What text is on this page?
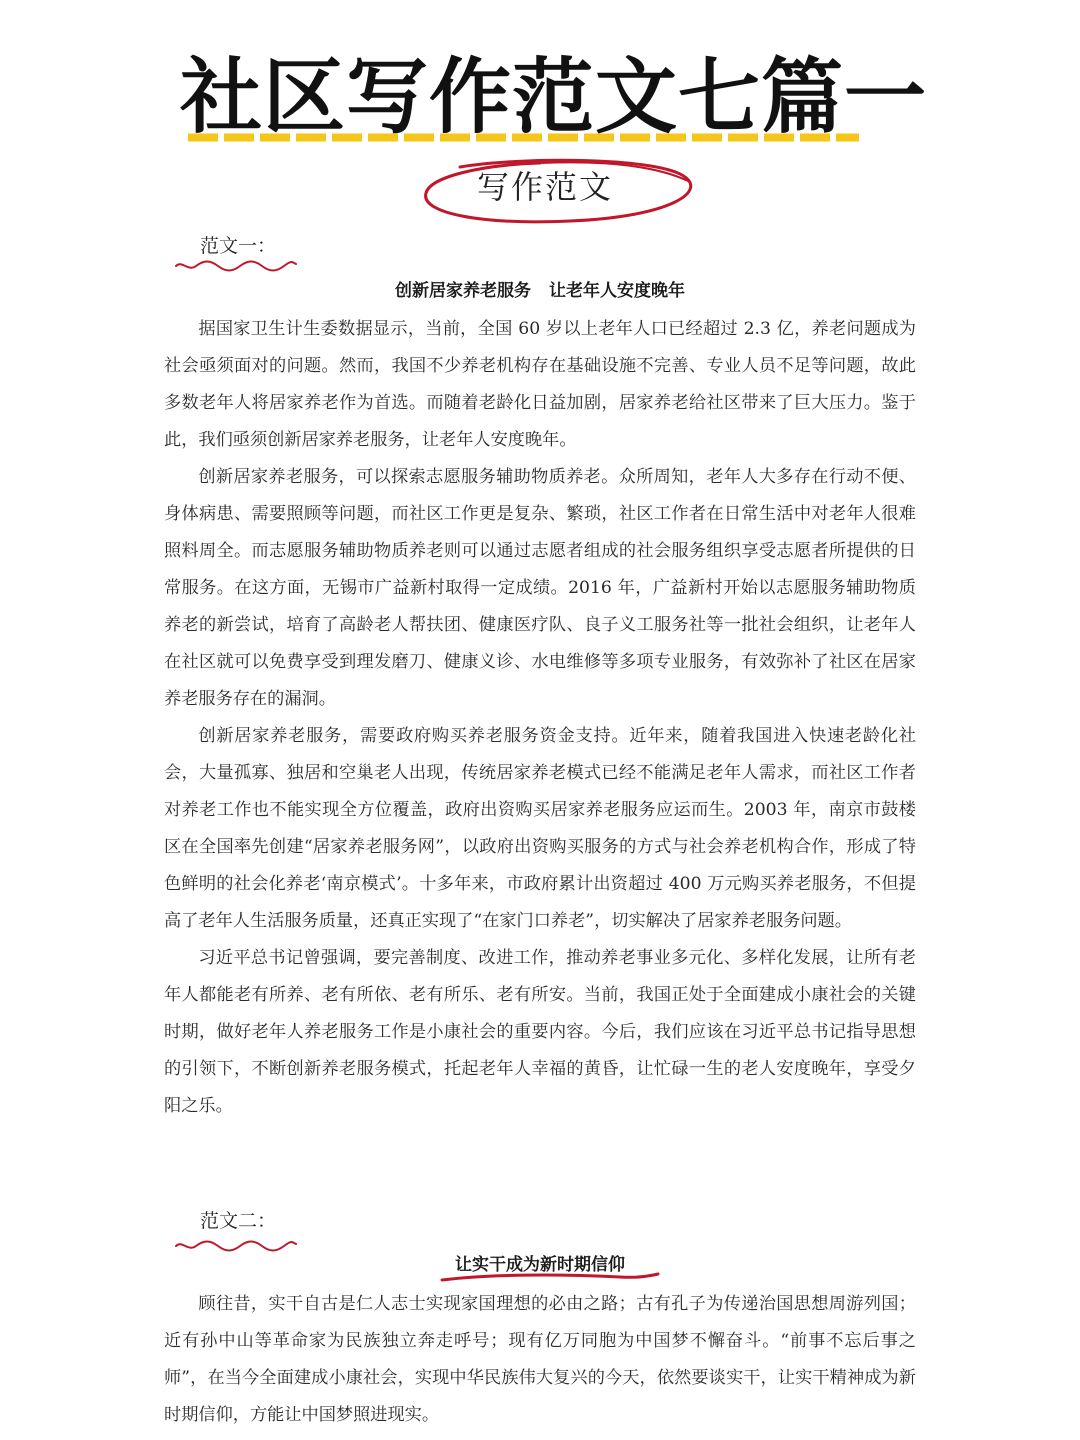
社区写作范文七篇一
写作范文
范文一：
创新居家养老服务 让老年人安度晚年

据国家卫生计生委数据显示，当前，全国 60 岁以上老年人口已经超过 2.3 亿，养老问题成为社会亟须面对的问题。然而，我国不少养老机构存在基础设施不完善、专业人员不足等问题，故此多数老年人将居家养老作为首选。而随着老龄化日益加剧，居家养老给社区带来了巨大压力。鉴于此，我们亟须创新居家养老服务，让老年人安度晚年。

创新居家养老服务，可以探索志愿服务辅助物质养老。众所周知，老年人大多存在行动不便、身体病患、需要照顾等问题，而社区工作更是复杂、繁琐，社区工作者在日常生活中对老年人很难照料周全。而志愿服务辅助物质养老则可以通过志愿者组成的社会服务组织享受志愿者所提供的日常服务。在这方面，无锡市广益新村取得一定成绩。2016 年，广益新村开始以志愿服务辅助物质养老的新尝试，培育了高龄老人帮扶团、健康医疗队、良子义工服务社等一批社会组织，让老年人在社区就可以免费享受到理发磨刀、健康义诊、水电维修等多项专业服务，有效弥补了社区在居家养老服务存在的漏洞。

创新居家养老服务，需要政府购买养老服务资金支持。近年来，随着我国进入快速老龄化社会，大量孤寡、独居和空巢老人出现，传统居家养老模式已经不能满足老年人需求，而社区工作者对养老工作也不能实现全方位覆盖，政府出资购买居家养老服务应运而生。2003 年，南京市鼓楼区在全国率先创建“居家养老服务网”，以政府出资购买服务的方式与社会养老机构合作，形成了特色鲜明的社会化养老‘南京模式’。十多年来，市政府累计出资超过 400 万元购买养老服务，不但提高了老年人生活服务质量，还真正实现了“在家门口养老”，切实解决了居家养老服务问题。

习近平总书记曾强调，要完善制度、改进工作，推动养老事业多元化、多样化发展，让所有老年人都能老有所养、老有所依、老有所乐、老有所安。当前，我国正处于全面建成小康社会的关键时期，做好老年人养老服务工作是小康社会的重要内容。今后，我们应该在习近平总书记指导思想的引领下，不断创新养老服务模式，托起老年人幸福的黄昏，让忙碌一生的老人安度晚年，享受夕阳之乐。

范文二：
让实干成为新时期信仰

顾往昔，实干自古是仁人志士实现家国理想的必由之路；古有孔子为传递治国思想周游列国；近有孙中山等革命家为民族独立奔走呼号；现有亿万同胞为中国梦不懈奋斗。“前事不忘后事之师”，在当今全面建成小康社会，实现中华民族伟大复兴的今天，依然要谈实干，让实干精神成为新时期信仰，方能让中国梦照进现实。
